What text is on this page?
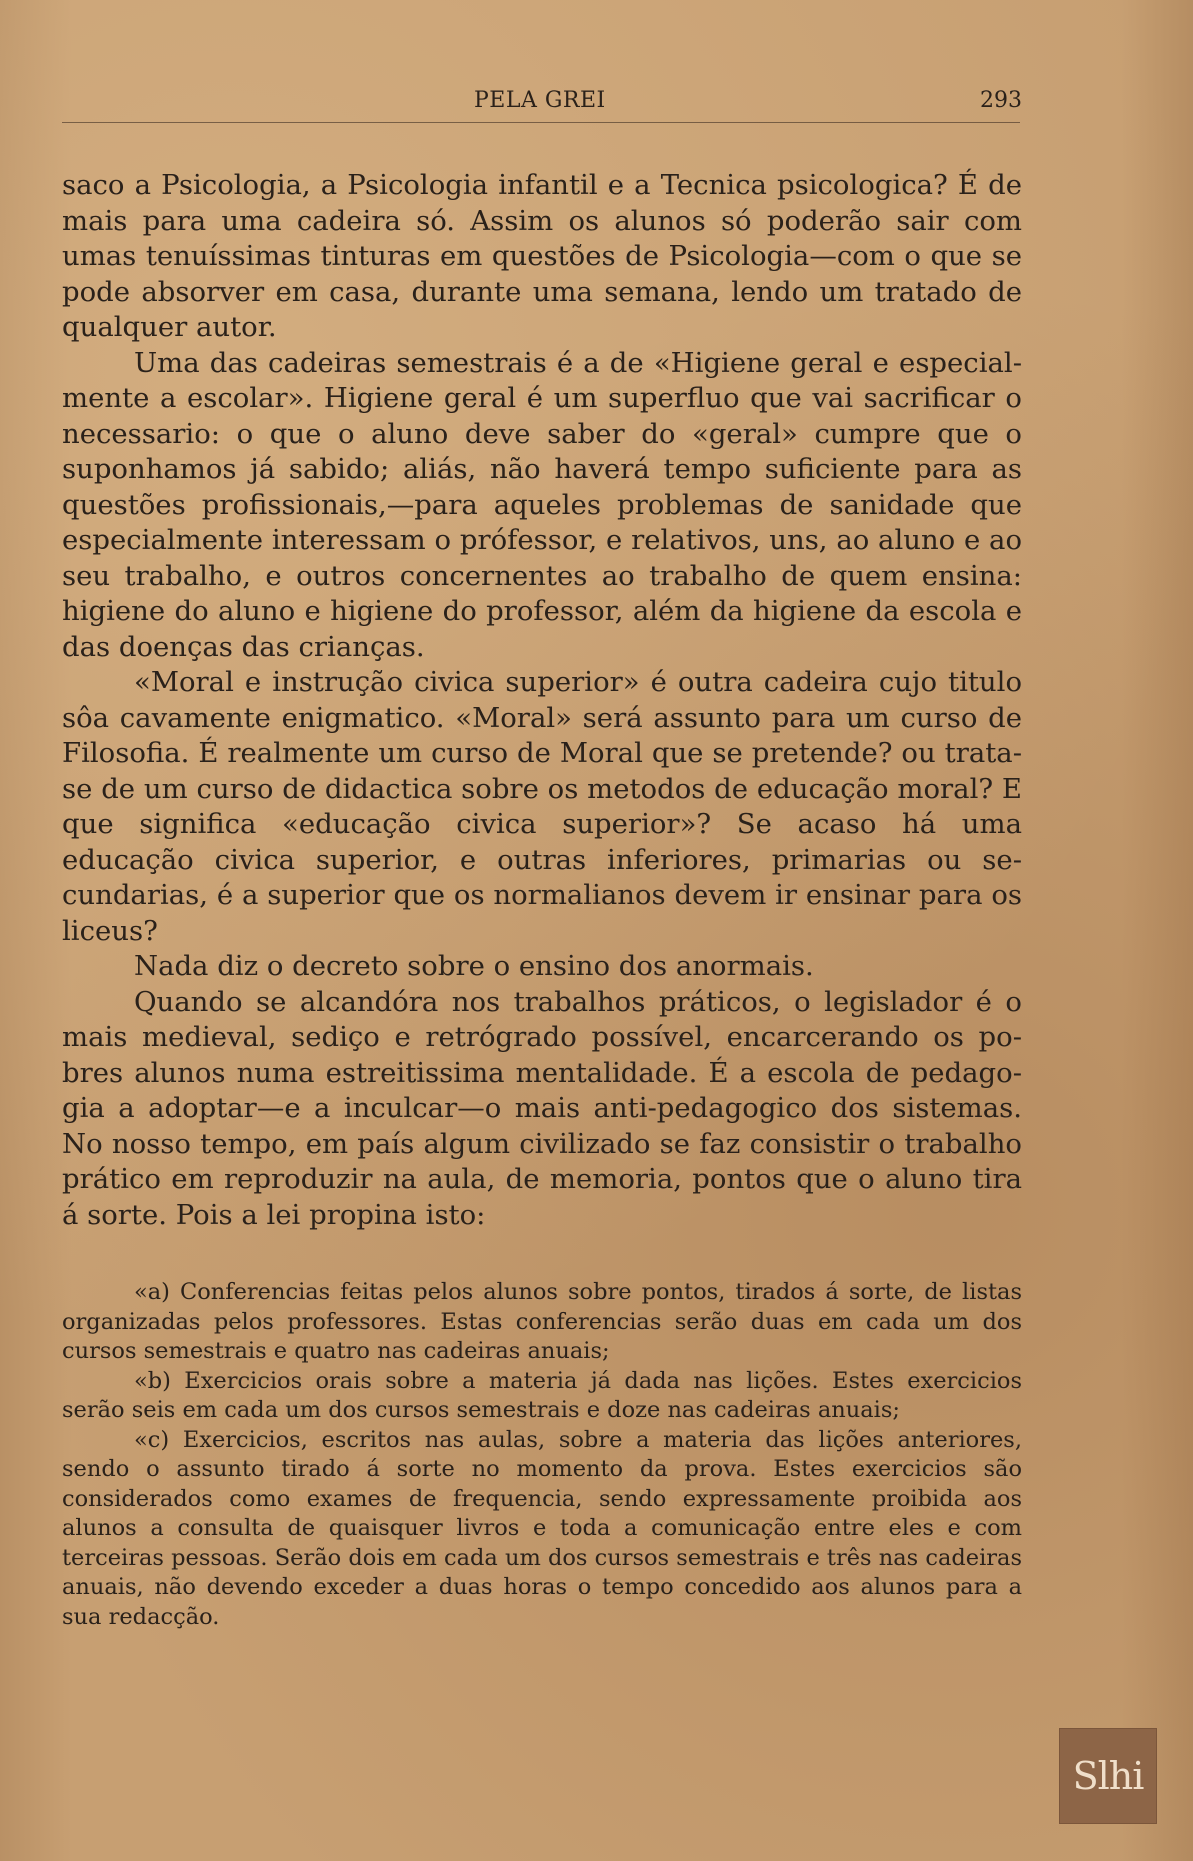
PELA GREI	293

saco a Psicologia, a Psicologia infantil e a Tecnica psicologica? É de mais para uma cadeira só. Assim os alunos só poderão sair com umas tenuíssimas tinturas em questões de Psicologia—com o que se pode absorver em casa, durante uma semana, lendo um tratado de qualquer autor.

Uma das cadeiras semestrais é a de «Higiene geral e especialmente a escolar». Higiene geral é um superfluo que vai sacrificar o necessario: o que o aluno deve saber do «geral» cumpre que o suponhamos já sabido; aliás, não haverá tempo suficiente para as questões profissionais,—para aqueles problemas de sanidade que especialmente interessam o prófessor, e relativos, uns, ao aluno e ao seu trabalho, e outros concernentes ao trabalho de quem ensina: higiene do aluno e higiene do professor, além da higiene da escola e das doenças das crianças.

«Moral e instrução civica superior» é outra cadeira cujo titulo sôa cavamente enigmatico. «Moral» será assunto para um curso de Filosofia. É realmente um curso de Moral que se pretende? ou trata-se de um curso de didactica sobre os metodos de educação moral? E que significa «educação civica superior»? Se acaso há uma educação civica superior, e outras inferiores, primarias ou secundarias, é a superior que os normalianos devem ir ensinar para os liceus?

Nada diz o decreto sobre o ensino dos anormais.

Quando se alcandóra nos trabalhos práticos, o legislador é o mais medieval, sediço e retrógrado possível, encarcerando os pobres alunos numa estreitissima mentalidade. É a escola de pedagogia a adoptar—e a inculcar—o mais anti-pedagogico dos sistemas. No nosso tempo, em país algum civilizado se faz consistir o trabalho prático em reproduzir na aula, de memoria, pontos que o aluno tira á sorte. Pois a lei propina isto:

«a) Conferencias feitas pelos alunos sobre pontos, tirados á sorte, de listas organizadas pelos professores. Estas conferencias serão duas em cada um dos cursos semestrais e quatro nas cadeiras anuais;

«b) Exercicios orais sobre a materia já dada nas lições. Estes exercicios serão seis em cada um dos cursos semestrais e doze nas cadeiras anuais;

«c) Exercicios, escritos nas aulas, sobre a materia das lições anteriores, sendo o assunto tirado á sorte no momento da prova. Estes exercicios são considerados como exames de frequencia, sendo expressamente proibida aos alunos a consulta de quaisquer livros e toda a comunicação entre eles e com terceiras pessoas. Serão dois em cada um dos cursos semestrais e três nas cadeiras anuais, não devendo exceder a duas horas o tempo concedido aos alunos para a sua redacção.

Slhi
